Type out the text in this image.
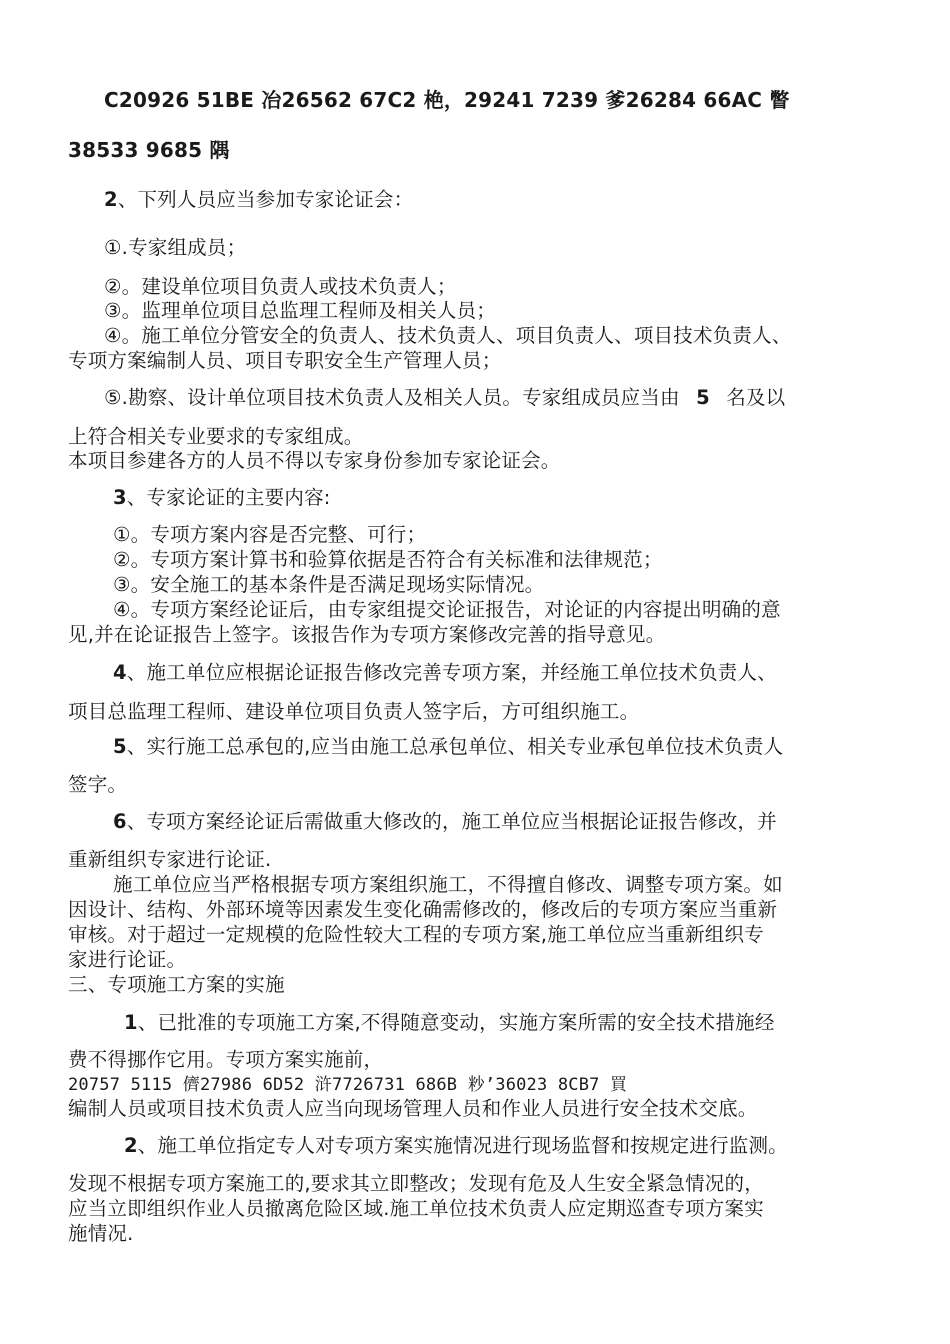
C20926 51BE 冶26562 67C2 栬，29241 7239 爹26284 66AC 瞥
38533 9685 隅
2、下列人员应当参加专家论证会：
①.专家组成员；
②。建设单位项目负责人或技术负责人；
③。监理单位项目总监理工程师及相关人员；
④。施工单位分管安全的负责人、技术负责人、项目负责人、项目技术负责人、
专项方案编制人员、项目专职安全生产管理人员；
⑤.勘察、设计单位项目技术负责人及相关人员。专家组成员应当由 5 名及以
上符合相关专业要求的专家组成。
本项目参建各方的人员不得以专家身份参加专家论证会。
3、专家论证的主要内容:
①。专项方案内容是否完整、可行；
②。专项方案计算书和验算依据是否符合有关标准和法律规范；
③。安全施工的基本条件是否满足现场实际情况。
④。专项方案经论证后，由专家组提交论证报告，对论证的内容提出明确的意
见,并在论证报告上签字。该报告作为专项方案修改完善的指导意见。
4、施工单位应根据论证报告修改完善专项方案，并经施工单位技术负责人、
项目总监理工程师、建设单位项目负责人签字后，方可组织施工。
5、实行施工总承包的,应当由施工总承包单位、相关专业承包单位技术负责人
签字。
6、专项方案经论证后需做重大修改的，施工单位应当根据论证报告修改，并
重新组织专家进行论证.
施工单位应当严格根据专项方案组织施工，不得擅自修改、调整专项方案。如
因设计、结构、外部环境等因素发生变化确需修改的，修改后的专项方案应当重新
审核。对于超过一定规模的危险性较大工程的专项方案,施工单位应当重新组织专
家进行论证。
三、专项施工方案的实施
1、已批准的专项施工方案,不得随意变动，实施方案所需的安全技术措施经
费不得挪作它用。专项方案实施前，
20757 5115 儕27986 6D52 浒7726731 686B 粆’36023 8CB7 買
编制人员或项目技术负责人应当向现场管理人员和作业人员进行安全技术交底。
2、施工单位指定专人对专项方案实施情况进行现场监督和按规定进行监测。
发现不根据专项方案施工的,要求其立即整改；发现有危及人生安全紧急情况的，
应当立即组织作业人员撤离危险区域.施工单位技术负责人应定期巡查专项方案实
施情况.
